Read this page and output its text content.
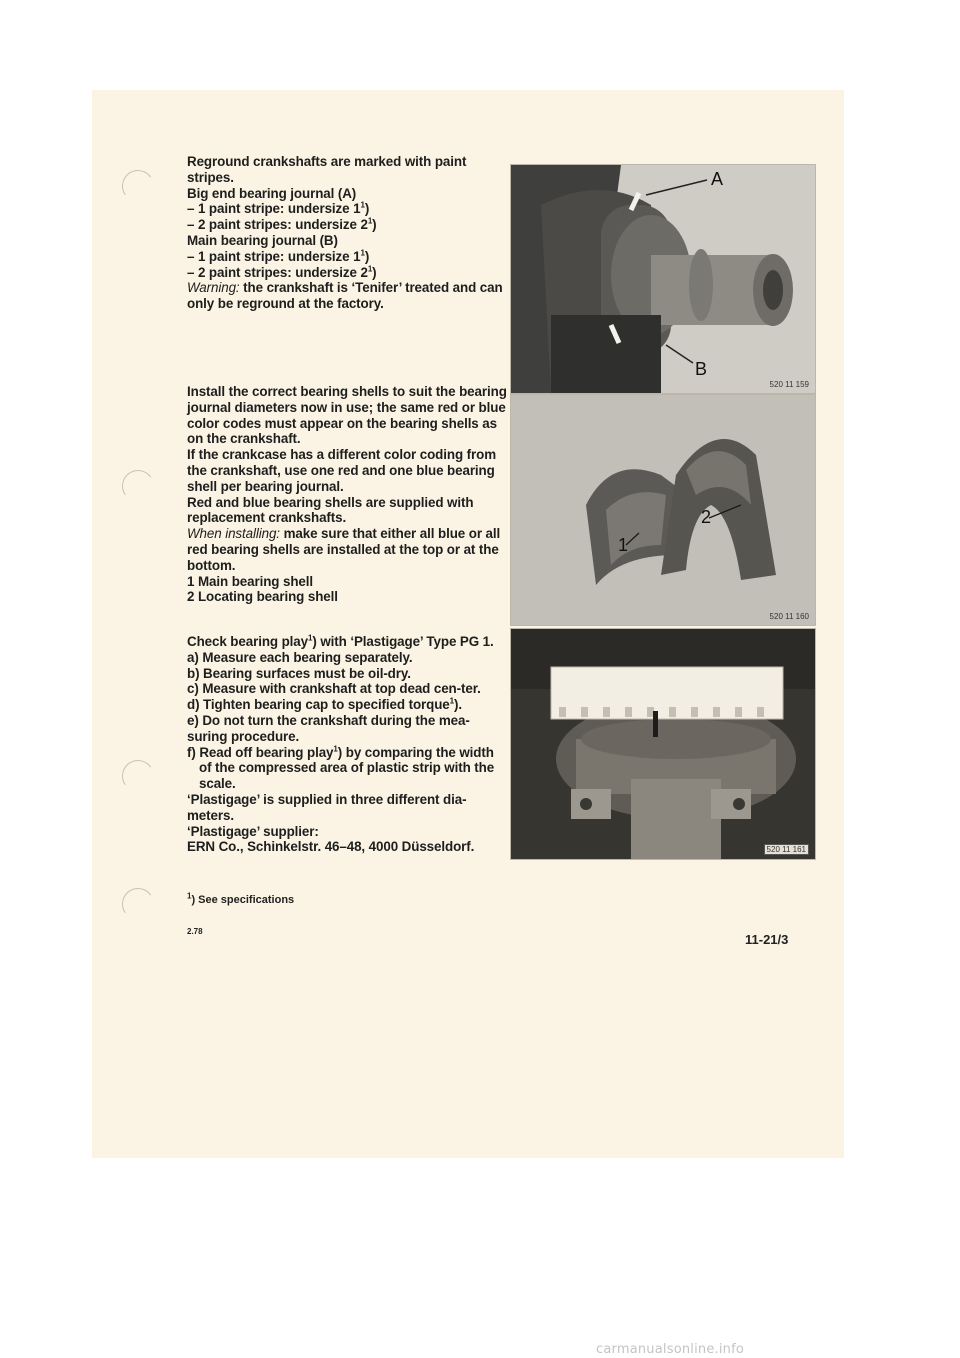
Reground crankshafts are marked with paint stripes.

Big end bearing journal (A)

– 1 paint stripe: undersize $1^1$)

– 2 paint stripes: undersize $2^1$)

Main bearing journal (B)

– 1 paint stripe: undersize $1^1$)

– 2 paint stripes: undersize $2^1$)

Warning: the crankshaft is ‘Tenifer’ treated and can only be reground at the factory.

Install the correct bearing shells to suit the bearing journal diameters now in use; the same red or blue color codes must appear on the bearing shells as on the crankshaft.

If the crankcase has a different color coding from the crankshaft, use one red and one blue bearing shell per bearing journal.

Red and blue bearing shells are supplied with replacement crankshafts.

When installing: make sure that either all blue or all red bearing shells are installed at the top or at the bottom.

1 Main bearing shell

2 Locating bearing shell

Check bearing play$^1$) with ‘Plastigage’ Type PG 1.

a) Measure each bearing separately.

b) Bearing surfaces must be oil-dry.

c) Measure with crankshaft at top dead cen-ter.

d) Tighten bearing cap to specified torque$^1$).

e) Do not turn the crankshaft during the mea-suring procedure.

f) Read off bearing play$^1$) by comparing the width of the compressed area of plastic strip with the scale.

‘Plastigage’ is supplied in three different dia-meters.

‘Plastigage’ supplier:

ERN Co., Schinkelstr. 46–48, 4000 Düsseldorf.

A
B
520 11 159
1
2
520 11 160
520 11 161
$^1$) See specifications
2.78
11-21/3
carmanualsonline.info
